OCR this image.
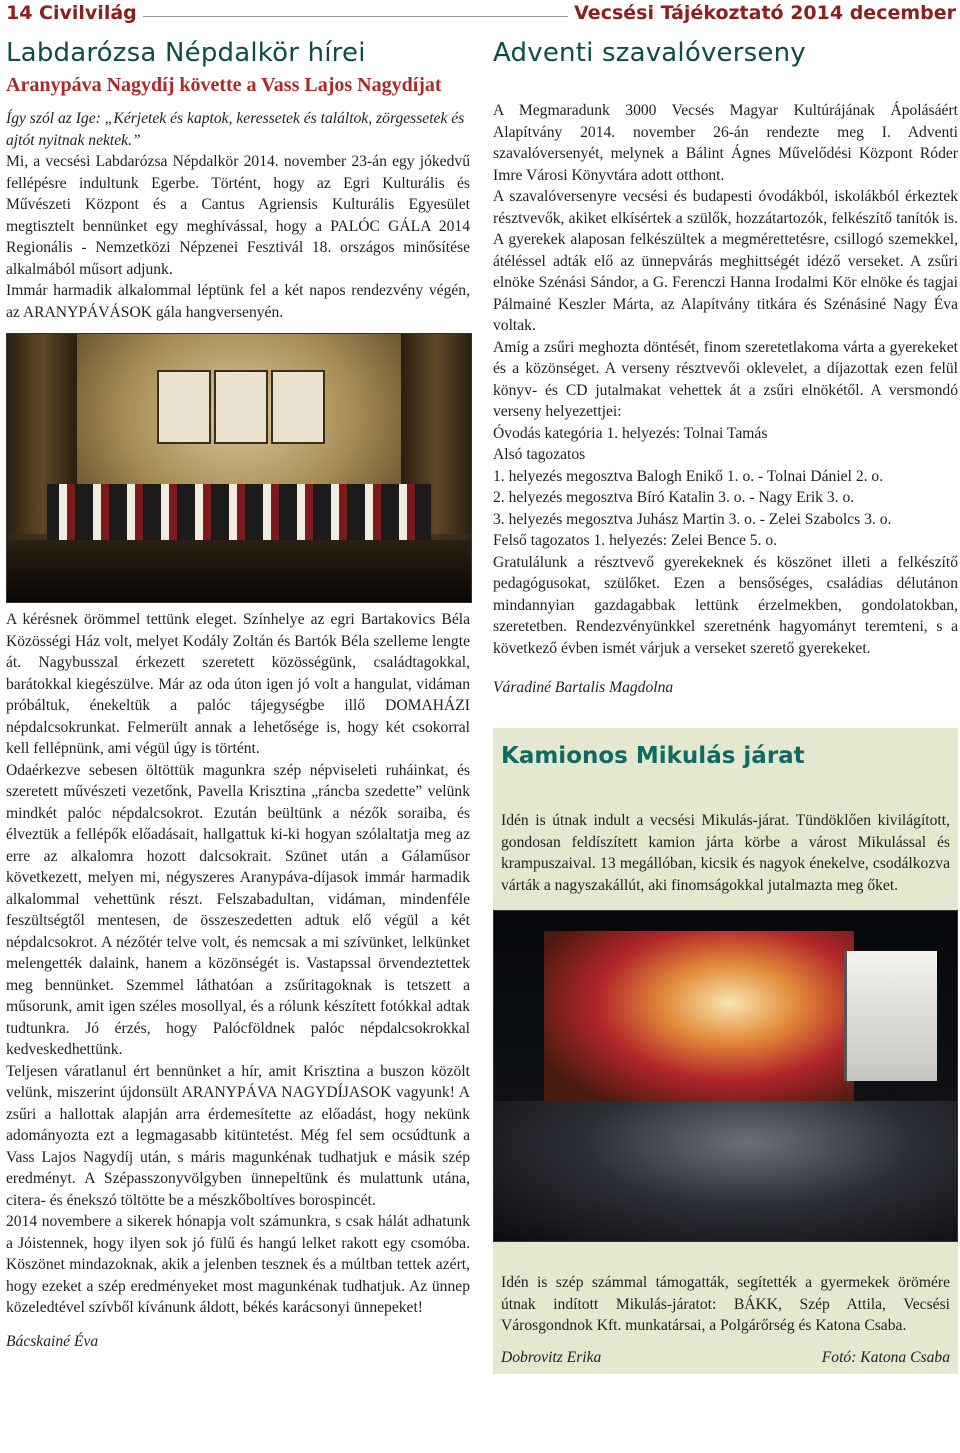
14 Civilvilág	Vecsési Tájékoztató 2014 december
Labdarózsa Népdalkör hírei
Aranypáva Nagydíj követte a Vass Lajos Nagydíjat

Így szól az Ige: „Kérjetek és kaptok, keressetek és találtok, zörgessetek és ajtót nyitnak nektek.”

Mi, a vecsési Labdarózsa Népdalkör 2014. november 23-án egy jókedvű fellépésre indultunk Egerbe. Történt, hogy az Egri Kulturális és Művészeti Központ és a Cantus Agriensis Kulturális Egyesület megtisztelt bennünket egy meghívással, hogy a PALÓC GÁLA 2014 Regionális - Nemzetközi Népzenei Fesztivál 18. országos minősítése alkalmából műsort adjunk.

Immár harmadik alkalommal léptünk fel a két napos rendezvény végén, az ARANYPÁVÁSOK gála hangversenyén.

A kérésnek örömmel tettünk eleget. Színhelye az egri Bartakovics Béla Közösségi Ház volt, melyet Kodály Zoltán és Bartók Béla szelleme lengte át. Nagybusszal érkezett szeretett közösségünk, családtagokkal, barátokkal kiegészülve. Már az oda úton igen jó volt a hangulat, vidáman próbáltuk, énekeltük a palóc tájegységbe illő DOMAHÁZI népdalcsokrunkat. Felmerült annak a lehetősége is, hogy két csokorral kell fellépnünk, ami végül úgy is történt.

Odaérkezve sebesen öltöttük magunkra szép népviseleti ruháinkat, és szeretett művészeti vezetőnk, Pavella Krisztina „ráncba szedette” velünk mindkét palóc népdalcsokrot. Ezután beültünk a nézők soraiba, és élveztük a fellépők előadásait, hallgattuk ki-ki hogyan szólaltatja meg az erre az alkalomra hozott dalcsokrait. Szünet után a Gálaműsor következett, melyen mi, négyszeres Aranypáva-díjasok immár harmadik alkalommal vehettünk részt. Felszabadultan, vidáman, mindenféle feszültségtől mentesen, de összeszedetten adtuk elő végül a két népdalcsokrot. A nézőtér telve volt, és nemcsak a mi szívünket, lelkünket melengették dalaink, hanem a közönségét is. Vastapssal örvendeztettek meg bennünket. Szemmel láthatóan a zsűritagoknak is tetszett a műsorunk, amit igen széles mosollyal, és a rólunk készített fotókkal adtak tudtunkra. Jó érzés, hogy Palócföldnek palóc népdalcsokrokkal kedveskedhettünk.

Teljesen váratlanul ért bennünket a hír, amit Krisztina a buszon közölt velünk, miszerint újdonsült ARANYPÁVA NAGYDÍJASOK vagyunk! A zsűri a hallottak alapján arra érdemesítette az előadást, hogy nekünk adományozta ezt a legmagasabb kitüntetést. Még fel sem ocsúdtunk a Vass Lajos Nagydíj után, s máris magunkénak tudhatjuk e másik szép eredményt. A Szépasszonyvölgyben ünnepeltünk és mulattunk utána, citera- és énekszó töltötte be a mészkőboltíves borospincét.

2014 novembere a sikerek hónapja volt számunkra, s csak hálát adhatunk a Jóistennek, hogy ilyen sok jó fülű és hangú lelket rakott egy csomóba. Köszönet mindazoknak, akik a jelenben tesznek és a múltban tettek azért, hogy ezeket a szép eredményeket most magunkénak tudhatjuk. Az ünnep közeledtével szívből kívánunk áldott, békés karácsonyi ünnepeket!

Bácskainé Éva
Adventi szavalóverseny

A Megmaradunk 3000 Vecsés Magyar Kultúrájának Ápolásáért Alapítvány 2014. november 26-án rendezte meg I. Adventi szavalóversenyét, melynek a Bálint Ágnes Művelődési Központ Róder Imre Városi Könyvtára adott otthont.

A szavalóversenyre vecsési és budapesti óvodákból, iskolákból érkeztek résztvevők, akiket elkísértek a szülők, hozzátartozók, felkészítő tanítók is. A gyerekek alaposan felkészültek a megmérettetésre, csillogó szemekkel, átéléssel adták elő az ünnepvárás meghittségét idéző verseket. A zsűri elnöke Szénási Sándor, a G. Ferenczi Hanna Irodalmi Kör elnöke és tagjai Pálmainé Keszler Márta, az Alapítvány titkára és Szénásiné Nagy Éva voltak.

Amíg a zsűri meghozta döntését, finom szeretetlakoma várta a gyerekeket és a közönséget. A verseny résztvevői oklevelet, a díjazottak ezen felül könyv- és CD jutalmakat vehettek át a zsűri elnökétől. A versmondó verseny helyezettjei:

Óvodás kategória 1. helyezés: Tolnai Tamás

Alsó tagozatos

1. helyezés megosztva Balogh Enikő 1. o. - Tolnai Dániel 2. o.

2. helyezés megosztva Bíró Katalin 3. o. - Nagy Erik 3. o.

3. helyezés megosztva Juhász Martin 3. o. - Zelei Szabolcs 3. o.

Felső tagozatos 1. helyezés: Zelei Bence 5. o.

Gratulálunk a résztvevő gyerekeknek és köszönet illeti a felkészítő pedagógusokat, szülőket. Ezen a bensőséges, családias délutánon mindannyian gazdagabbak lettünk érzelmekben, gondolatokban, szeretetben. Rendezvényünkkel szeretnénk hagyományt teremteni, s a következő évben ismét várjuk a verseket szerető gyerekeket.

Váradiné Bartalis Magdolna
Kamionos Mikulás járat

Idén is útnak indult a vecsési Mikulás-járat. Tündöklően kivilágított, gondosan feldíszített kamion járta körbe a várost Mikulással és krampuszaival. 13 megállóban, kicsik és nagyok énekelve, csodálkozva várták a nagyszakállút, aki finomságokkal jutalmazta meg őket.

Idén is szép számmal támogatták, segítették a gyermekek örömére útnak indított Mikulás-járatot: BÁKK, Szép Attila, Vecsési Városgondnok Kft. munkatársai, a Polgárőrség és Katona Csaba.

Dobrovitz Erika	Fotó: Katona Csaba
